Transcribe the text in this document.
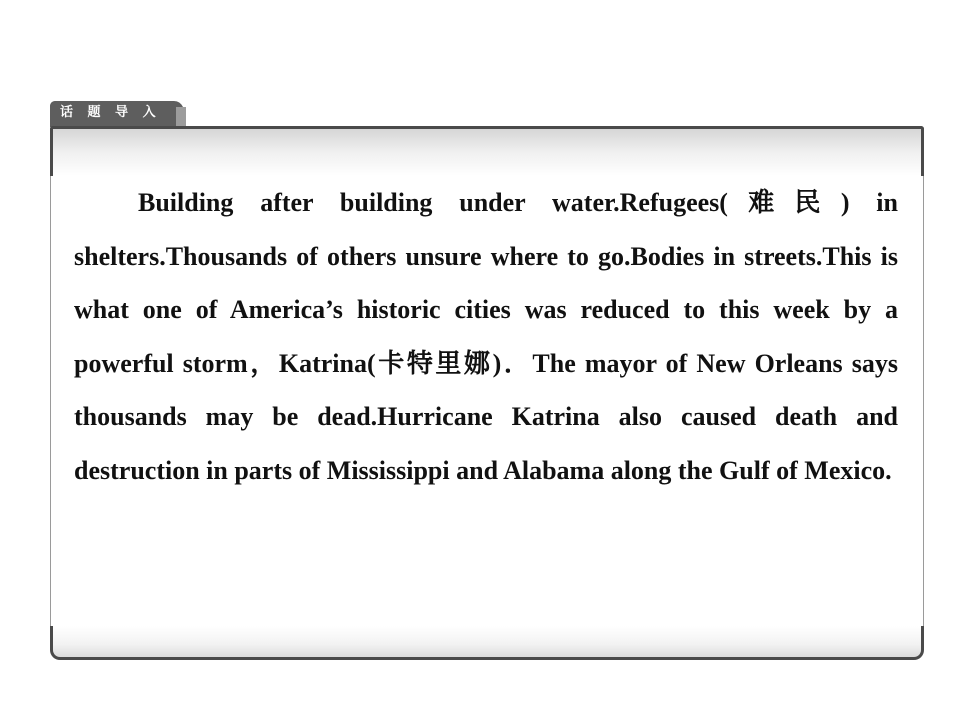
话 题 导 入

Building after building under water.Refugees(难民) in shelters.Thousands of others unsure where to go.Bodies in streets.This is what one of America’s historic cities was reduced to this week by a powerful storm，Katrina(卡特里娜)．The mayor of New Orleans says thousands may be dead.Hurricane Katrina also caused death and destruction in parts of Mississippi and Alabama along the Gulf of Mexico.
